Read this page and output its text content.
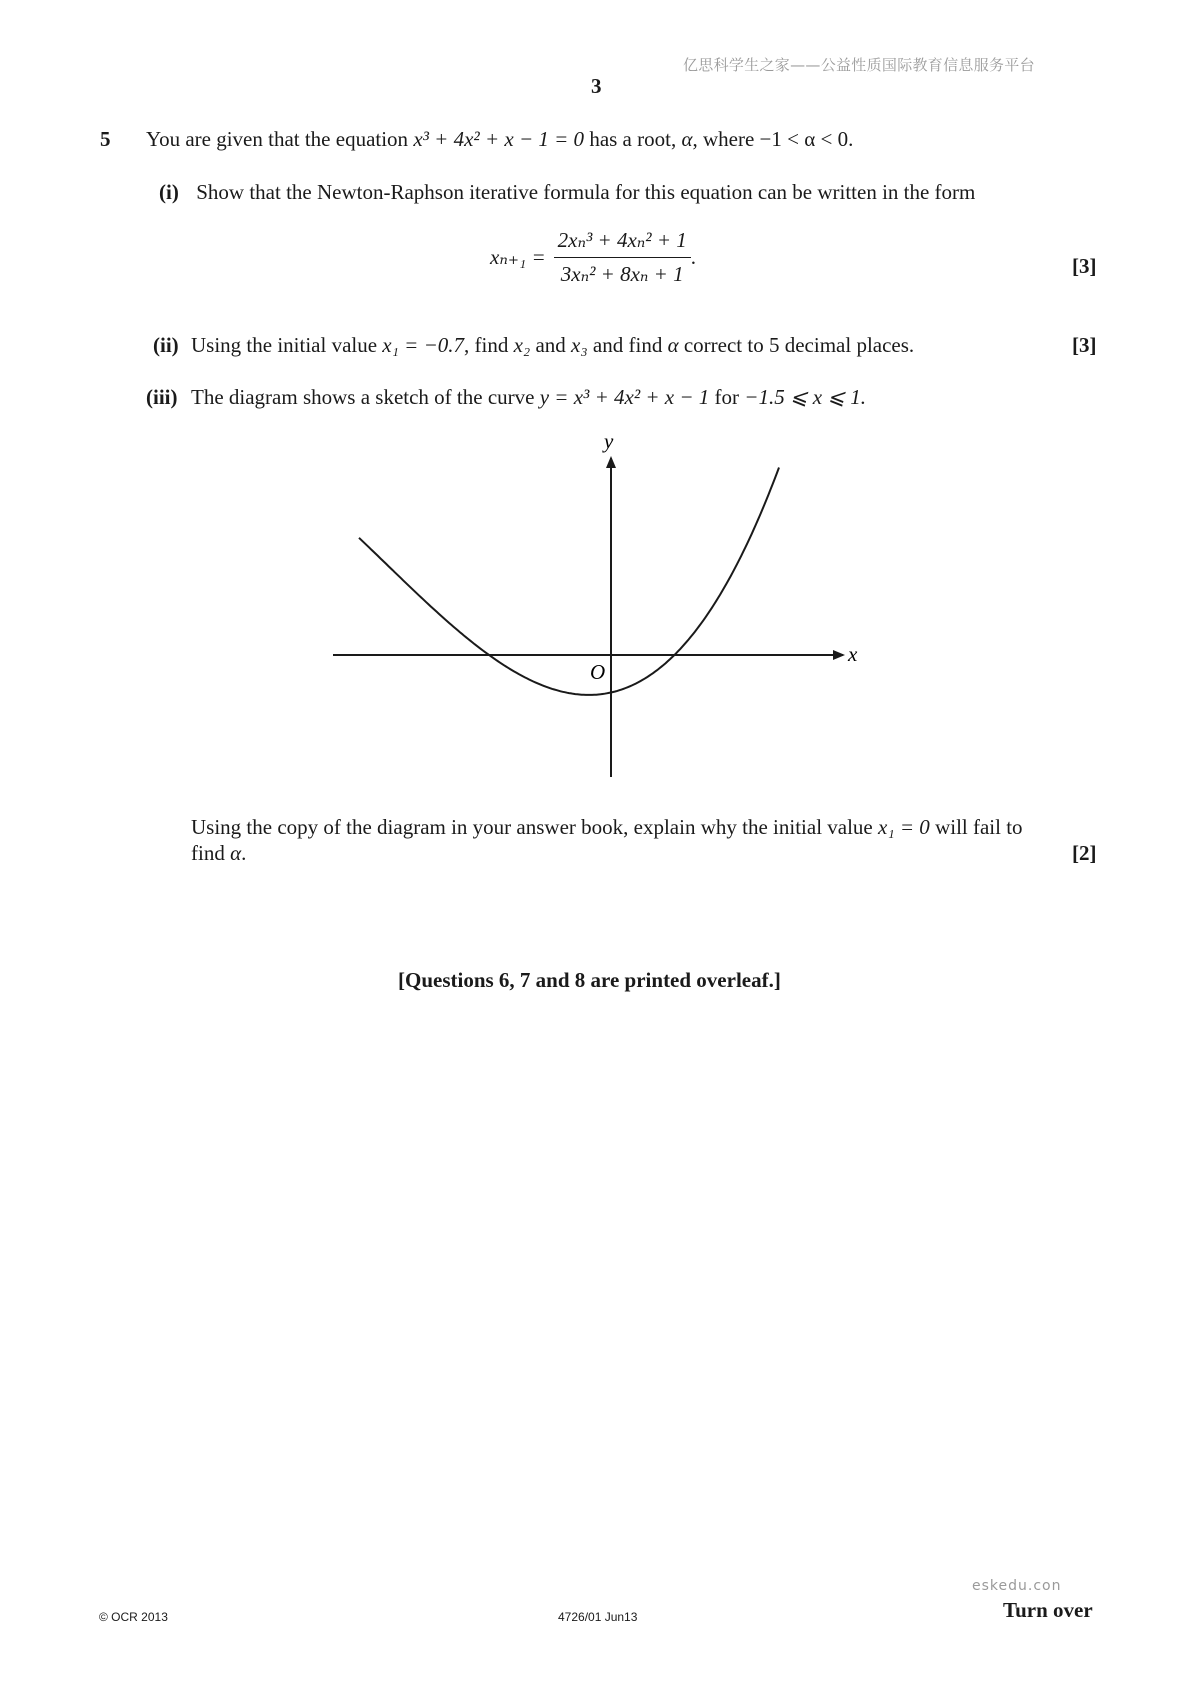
亿思科学生之家——公益性质国际教育信息服务平台
3
5 You are given that the equation x³ + 4x² + x − 1 = 0 has a root, α, where −1 < α < 0.
(i) Show that the Newton-Raphson iterative formula for this equation can be written in the form
$x_{n+1} = \frac{\text{2xₙ³ + 4xₙ² + 1}}{\text{3xₙ² + 8xₙ + 1}}$ .	[3]
(ii) Using the initial value x₁ = −0.7, find x₂ and x₃ and find α correct to 5 decimal places.	[3]
(iii) The diagram shows a sketch of the curve y = x³ + 4x² + x − 1 for −1.5 ⩽ x ⩽ 1.
y
x
O
Using the copy of the diagram in your answer book, explain why the initial value x₁ = 0 will fail to
find α.	[2]
[Questions 6, 7 and 8 are printed overleaf.]
eskedu.con
© OCR 2013	4726/01 Jun13	Turn over
